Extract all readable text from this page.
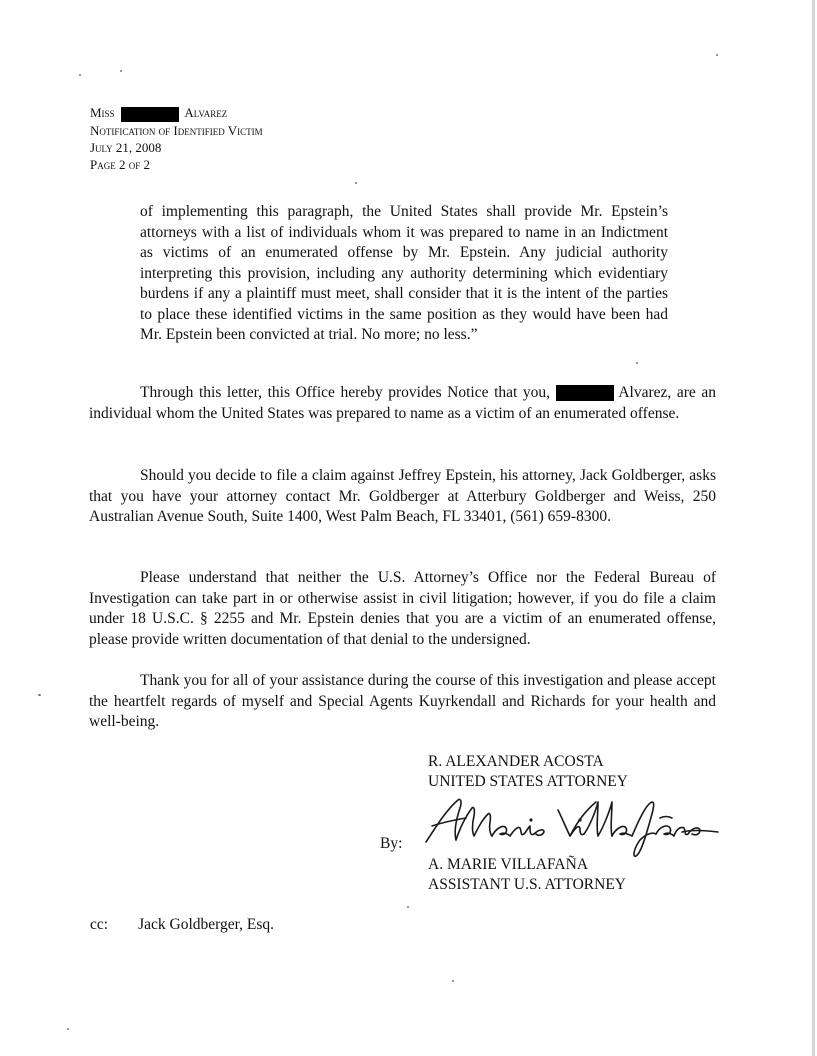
Miss	Alvarez
Notification of Identified Victim
July 21, 2008
Page 2 of 2
of implementing this paragraph, the United States shall provide Mr. Epstein’s attorneys with a list of individuals whom it was prepared to name in an Indictment as victims of an enumerated offense by Mr. Epstein. Any judicial authority interpreting this provision, including any authority determining which evidentiary burdens if any a plaintiff must meet, shall consider that it is the intent of the parties to place these identified victims in the same position as they would have been had Mr. Epstein been convicted at trial. No more; no less.”

Through this letter, this Office hereby provides Notice that you,	Alvarez, are an individual whom the United States was prepared to name as a victim of an enumerated offense.

Should you decide to file a claim against Jeffrey Epstein, his attorney, Jack Goldberger, asks that you have your attorney contact Mr. Goldberger at Atterbury Goldberger and Weiss, 250 Australian Avenue South, Suite 1400, West Palm Beach, FL 33401, (561) 659-8300.

Please understand that neither the U.S. Attorney’s Office nor the Federal Bureau of Investigation can take part in or otherwise assist in civil litigation; however, if you do file a claim under 18 U.S.C. § 2255 and Mr. Epstein denies that you are a victim of an enumerated offense, please provide written documentation of that denial to the undersigned.

Thank you for all of your assistance during the course of this investigation and please accept the heartfelt regards of myself and Special Agents Kuyrkendall and Richards for your health and well-being.

R. ALEXANDER ACOSTA
UNITED STATES ATTORNEY
By:
A. MARIE VILLAFAÑA
ASSISTANT U.S. ATTORNEY
cc: Jack Goldberger, Esq.
